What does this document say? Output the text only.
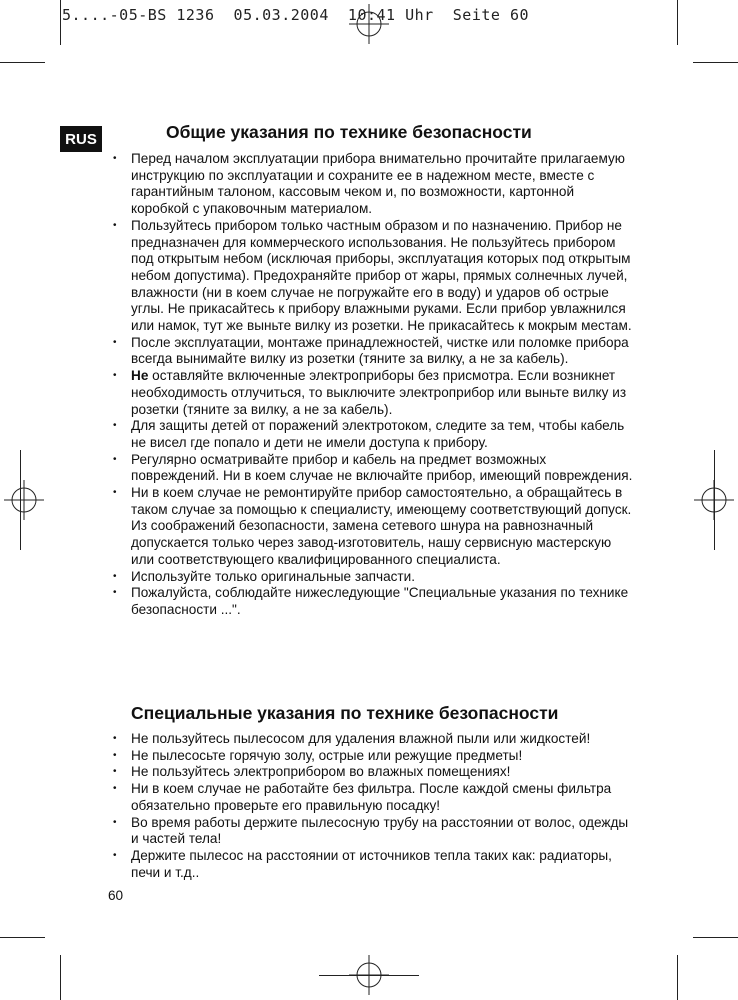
5....-05-BS 1236  05.03.2004  10:41 Uhr  Seite 60
RUS	Общие указания по технике безопасности
• Перед началом эксплуатации прибора внимательно прочитайте прилагаемую инструкцию по эксплуатации и сохраните ее в надежном месте, вместе с гарантийным талоном, кассовым чеком и, по возможности, картонной коробкой с упаковочным материалом.
• Пользуйтесь прибором только частным образом и по назначению. Прибор не предназначен для коммерческого использования. Не пользуйтесь прибором под открытым небом (исключая приборы, эксплуатация которых под открытым небом допустима). Предохраняйте прибор от жары, прямых солнечных лучей, влажности (ни в коем случае не погружайте его в воду) и ударов об острые углы. Не прикасайтесь к прибору влажными руками. Если прибор увлажнился или намок, тут же выньте вилку из розетки. Не прикасайтесь к мокрым местам.
• После эксплуатации, монтаже принадлежностей, чистке или поломке прибора всегда вынимайте вилку из розетки (тяните за вилку, а не за кабель).
• Не оставляйте включенные электроприборы без присмотра. Если возникнет необходимость отлучиться, то выключите электроприбор или выньте вилку из розетки (тяните за вилку, а не за кабель).
• Для защиты детей от поражений электротоком, следите за тем, чтобы кабель не висел где попало и дети не имели доступа к прибору.
• Регулярно осматривайте прибор и кабель на предмет возможных повреждений. Ни в коем случае не включайте прибор, имеющий повреждения.
• Ни в коем случае не ремонтируйте прибор самостоятельно, а обращайтесь в таком случае за помощью к специалисту, имеющему соответствующий допуск. Из соображений безопасности, замена сетевого шнура на равнозначный допускается только через завод-изготовитель, нашу сервисную мастерскую или соответствующего квалифицированного специалиста.
• Используйте только оригинальные запчасти.
• Пожалуйста, соблюдайте нижеследующие "Специальные указания по технике безопасности ...".
Специальные указания по технике безопасности
• Не пользуйтесь пылесосом для удаления влажной пыли или жидкостей!
• Не пылесосьте горячую золу, острые или режущие предметы!
• Не пользуйтесь электроприбором во влажных помещениях!
• Ни в коем случае не работайте без фильтра. После каждой смены фильтра обязательно проверьте его правильную посадку!
• Во время работы держите пылесосную трубу на расстоянии от волос, одежды и частей тела!
• Держите пылесос на расстоянии от источников тепла таких как: радиаторы, печи и т.д..
60
